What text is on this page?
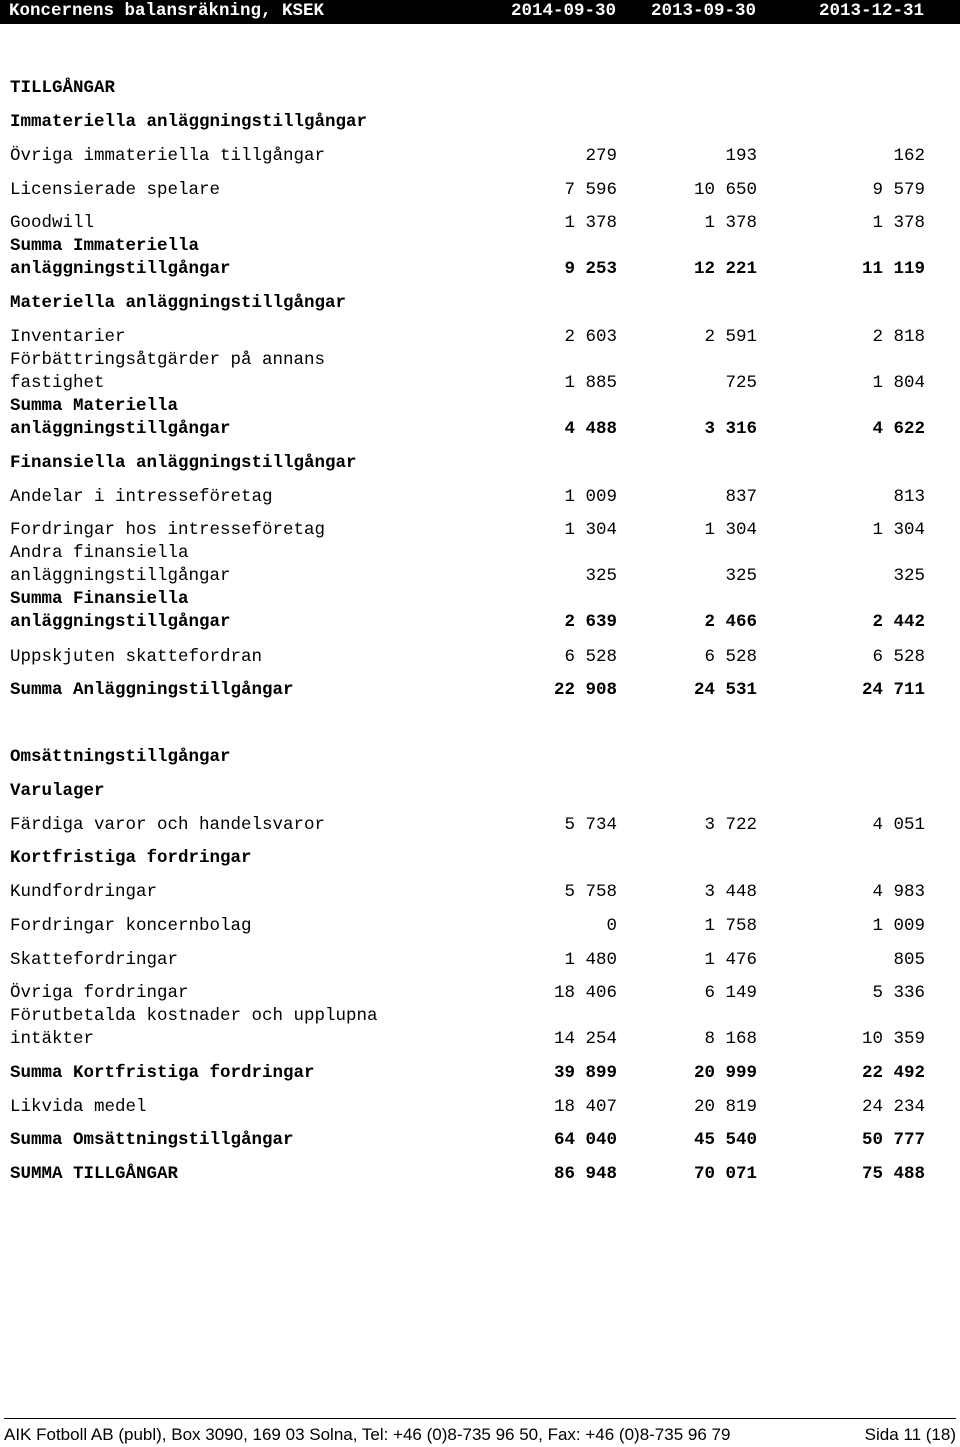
Koncernens balansräkning, KSEK	2014-09-30 2013-09-30	2013-12-31
TILLGÅNGAR
Immateriella anläggningstillgångar
Övriga immateriella tillgångar	279	193	162
Licensierade spelare	7 596	10 650	9 579
Goodwill	1 378	1 378	1 378
Summa Immateriella
anläggningstillgångar	9 253	12 221	11 119
Materiella anläggningstillgångar
Inventarier	2 603	2 591	2 818
Förbättringsåtgärder på annans
fastighet	1 885	725	1 804
Summa Materiella
anläggningstillgångar	4 488	3 316	4 622
Finansiella anläggningstillgångar
Andelar i intresseföretag	1 009	837	813
Fordringar hos intresseföretag	1 304	1 304	1 304
Andra finansiella
anläggningstillgångar	325	325	325
Summa Finansiella
anläggningstillgångar	2 639	2 466	2 442
Uppskjuten skattefordran	6 528	6 528	6 528
Summa Anläggningstillgångar	22 908	24 531	24 711
Omsättningstillgångar
Varulager
Färdiga varor och handelsvaror	5 734	3 722	4 051
Kortfristiga fordringar
Kundfordringar	5 758	3 448	4 983
Fordringar koncernbolag	0	1 758	1 009
Skattefordringar	1 480	1 476	805
Övriga fordringar	18 406	6 149	5 336
Förutbetalda kostnader och upplupna
intäkter	14 254	8 168	10 359
Summa Kortfristiga fordringar	39 899	20 999	22 492
Likvida medel	18 407	20 819	24 234
Summa Omsättningstillgångar	64 040	45 540	50 777
SUMMA TILLGÅNGAR	86 948	70 071	75 488
AIK Fotboll AB (publ), Box 3090, 169 03 Solna, Tel: +46 (0)8-735 96 50, Fax: +46 (0)8-735 96 79	Sida 11 (18)
